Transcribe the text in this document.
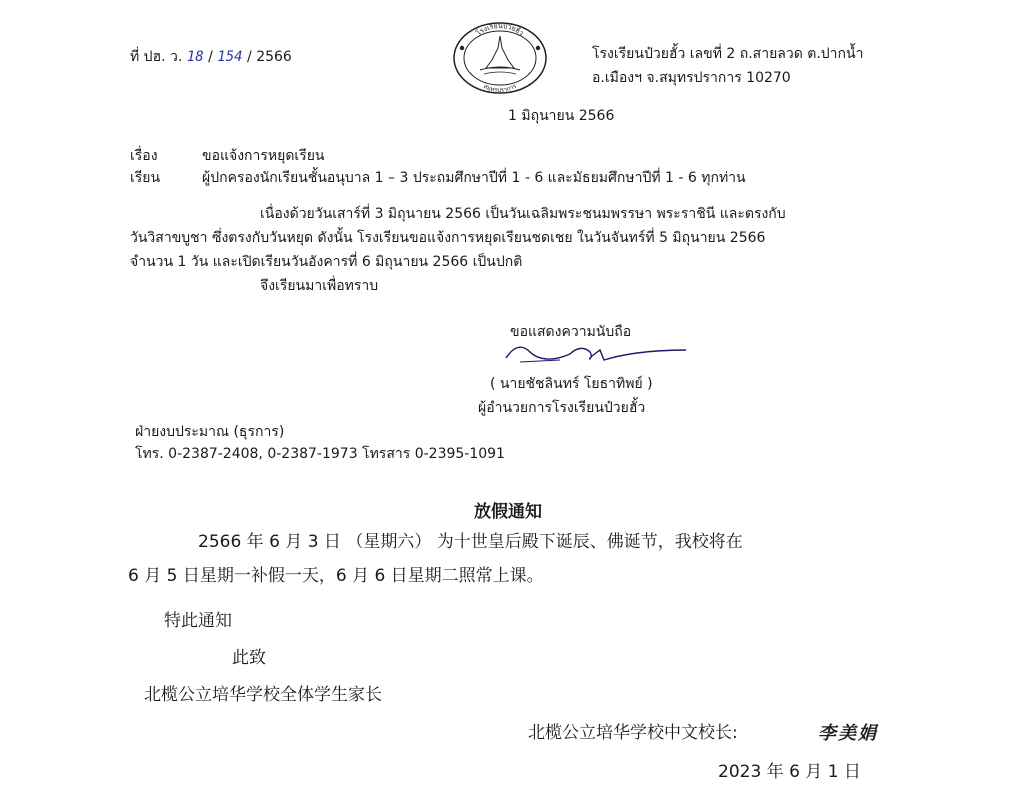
ที่ ปฮ. ว. 18 / 154 / 2566
โรงเรียนป๋วยฮั้ว
สมุทรปราการ
โรงเรียนป๋วยฮั้ว เลขที่ 2 ถ.สายลวด ต.ปากน้ำ
อ.เมืองฯ จ.สมุทรปราการ 10270
1 มิถุนายน 2566
เรื่อง	ขอแจ้งการหยุดเรียน
เรียน	ผู้ปกครองนักเรียนชั้นอนุบาล 1 – 3 ประถมศึกษาปีที่ 1 - 6 และมัธยมศึกษาปีที่ 1 - 6 ทุกท่าน
เนื่องด้วยวันเสาร์ที่ 3 มิถุนายน 2566 เป็นวันเฉลิมพระชนมพรรษา พระราชินี และตรงกับ
วันวิสาขบูชา ซึ่งตรงกับวันหยุด ดังนั้น โรงเรียนขอแจ้งการหยุดเรียนชดเชย ในวันจันทร์ที่ 5 มิถุนายน 2566
จำนวน 1 วัน และเปิดเรียนวันอังคารที่ 6 มิถุนายน 2566 เป็นปกติ
จึงเรียนมาเพื่อทราบ
ขอแสดงความนับถือ
( นายชัชลินทร์ โยธาทิพย์ )
ผู้อำนวยการโรงเรียนป๋วยฮั้ว
ฝ่ายงบประมาณ (ธุรการ)
โทร. 0-2387-2408, 0-2387-1973 โทรสาร 0-2395-1091
放假通知
2566 年 6 月 3 日 （星期六） 为十世皇后殿下诞辰、佛诞节，我校将在
6 月 5 日星期一补假一天，6 月 6 日星期二照常上课。
特此通知
此致
北榄公立培华学校全体学生家长
北榄公立培华学校中文校长:	李美娟
2023 年 6 月 1 日
